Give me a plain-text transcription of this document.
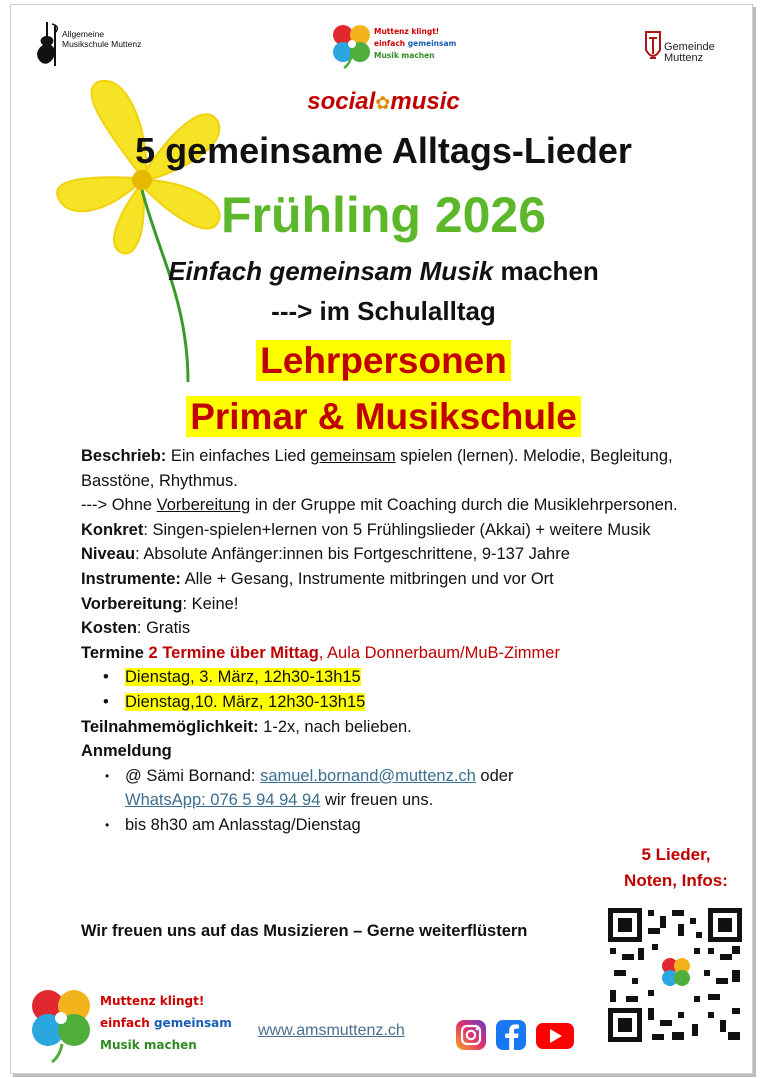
Allgemeine
Musikschule Muttenz
Muttenz klingt!
einfach gemeinsam
Musik machen
Gemeinde
Muttenz
social✿music
5 gemeinsame Alltags-Lieder
Frühling 2026
Einfach gemeinsam Musik machen
---> im Schulalltag
Lehrpersonen
Primar & Musikschule

Beschrieb: Ein einfaches Lied gemeinsam spielen (lernen). Melodie, Begleitung, Basstöne, Rhythmus.

---> Ohne Vorbereitung in der Gruppe mit Coaching durch die Musiklehrpersonen.

Konkret: Singen-spielen+lernen von 5 Frühlingslieder (Akkai) + weitere Musik

Niveau: Absolute Anfänger:innen bis Fortgeschrittene, 9-137 Jahre

Instrumente: Alle + Gesang, Instrumente mitbringen und vor Ort

Vorbereitung: Keine!

Kosten: Gratis

Termine 2 Termine über Mittag, Aula Donnerbaum/MuB-Zimmer

• Dienstag, 3. März, 12h30-13h15
• Dienstag,10. März, 12h30-13h15

Teilnahmemöglichkeit: 1-2x, nach belieben.

Anmeldung

• @ Sämi Bornand: samuel.bornand@muttenz.ch oder
WhatsApp: 076 5 94 94 94 wir freuen uns.
• bis 8h30 am Anlasstag/Dienstag
Wir freuen uns auf das Musizieren – Gerne weiterflüstern
5 Lieder,
Noten, Infos:
Muttenz klingt!
einfach gemeinsam
Musik machen
www.amsmuttenz.ch
